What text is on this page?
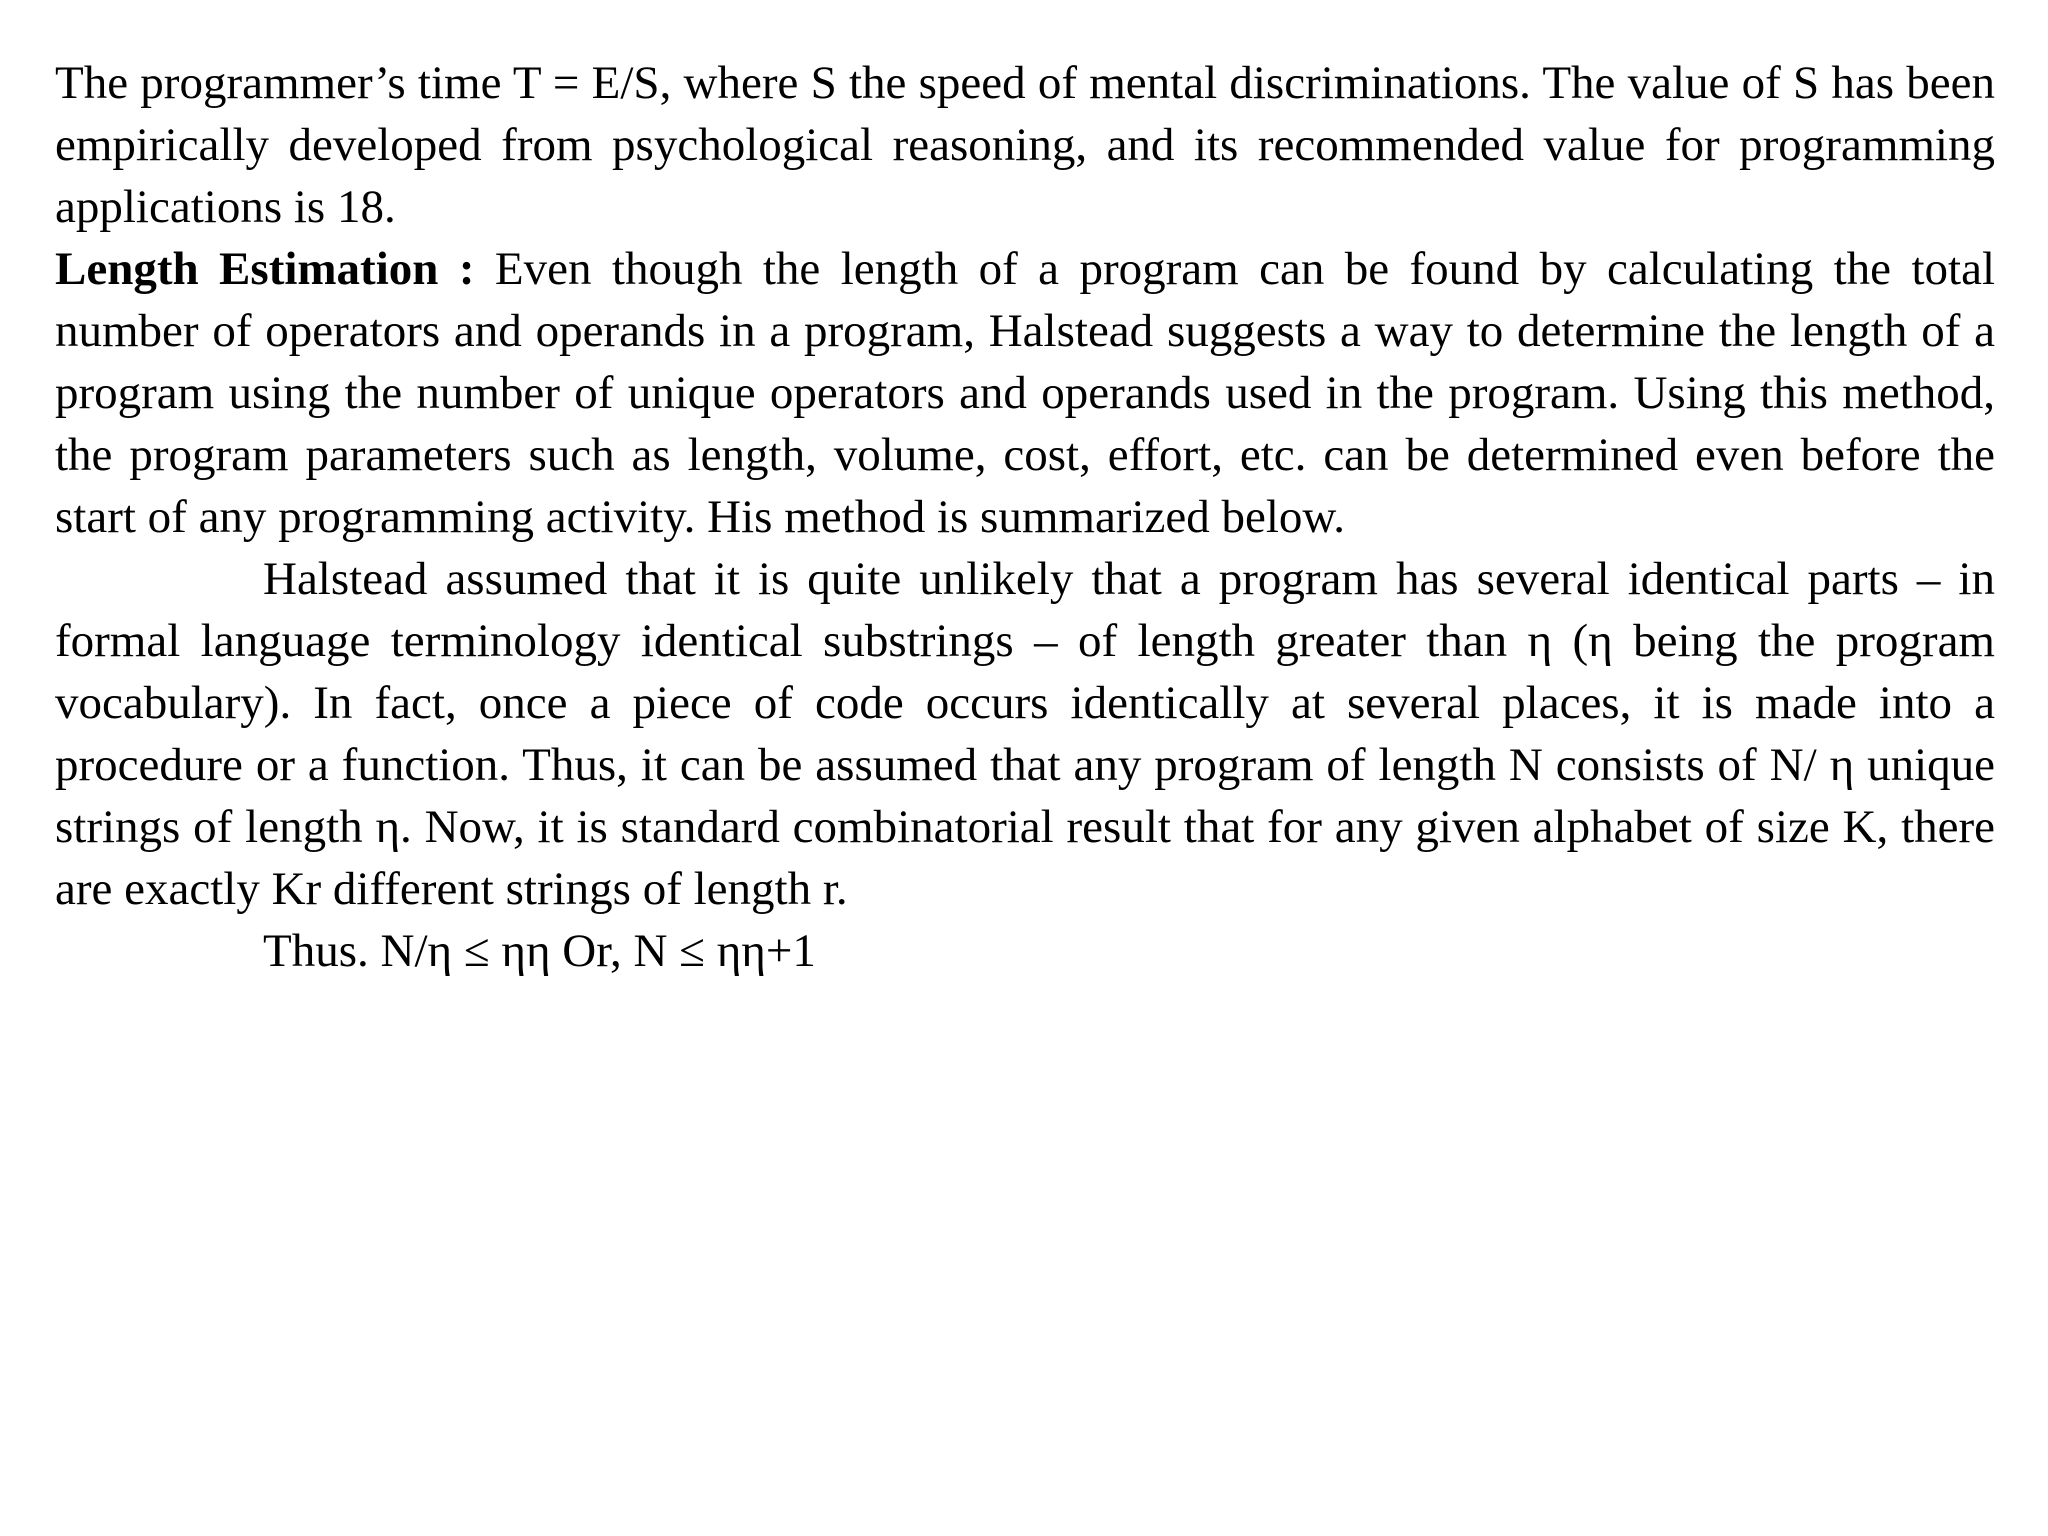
The programmer’s time T = E/S, where S the speed of mental discriminations. The value of S has been empirically developed from psychological reasoning, and its recommended value for programming applications is 18.

Length Estimation : Even though the length of a program can be found by calculating the total number of operators and operands in a program, Halstead suggests a way to determine the length of a program using the number of unique operators and operands used in the program. Using this method, the program parameters such as length, volume, cost, effort, etc. can be determined even before the start of any programming activity. His method is summarized below.

Halstead assumed that it is quite unlikely that a program has several identical parts – in formal language terminology identical substrings – of length greater than η (η being the program vocabulary). In fact, once a piece of code occurs identically at several places, it is made into a procedure or a function. Thus, it can be assumed that any program of length N consists of N/ η unique strings of length η. Now, it is standard combinatorial result that for any given alphabet of size K, there are exactly Kr different strings of length r.

Thus. N/η ≤ ηη Or, N ≤ ηη+1
